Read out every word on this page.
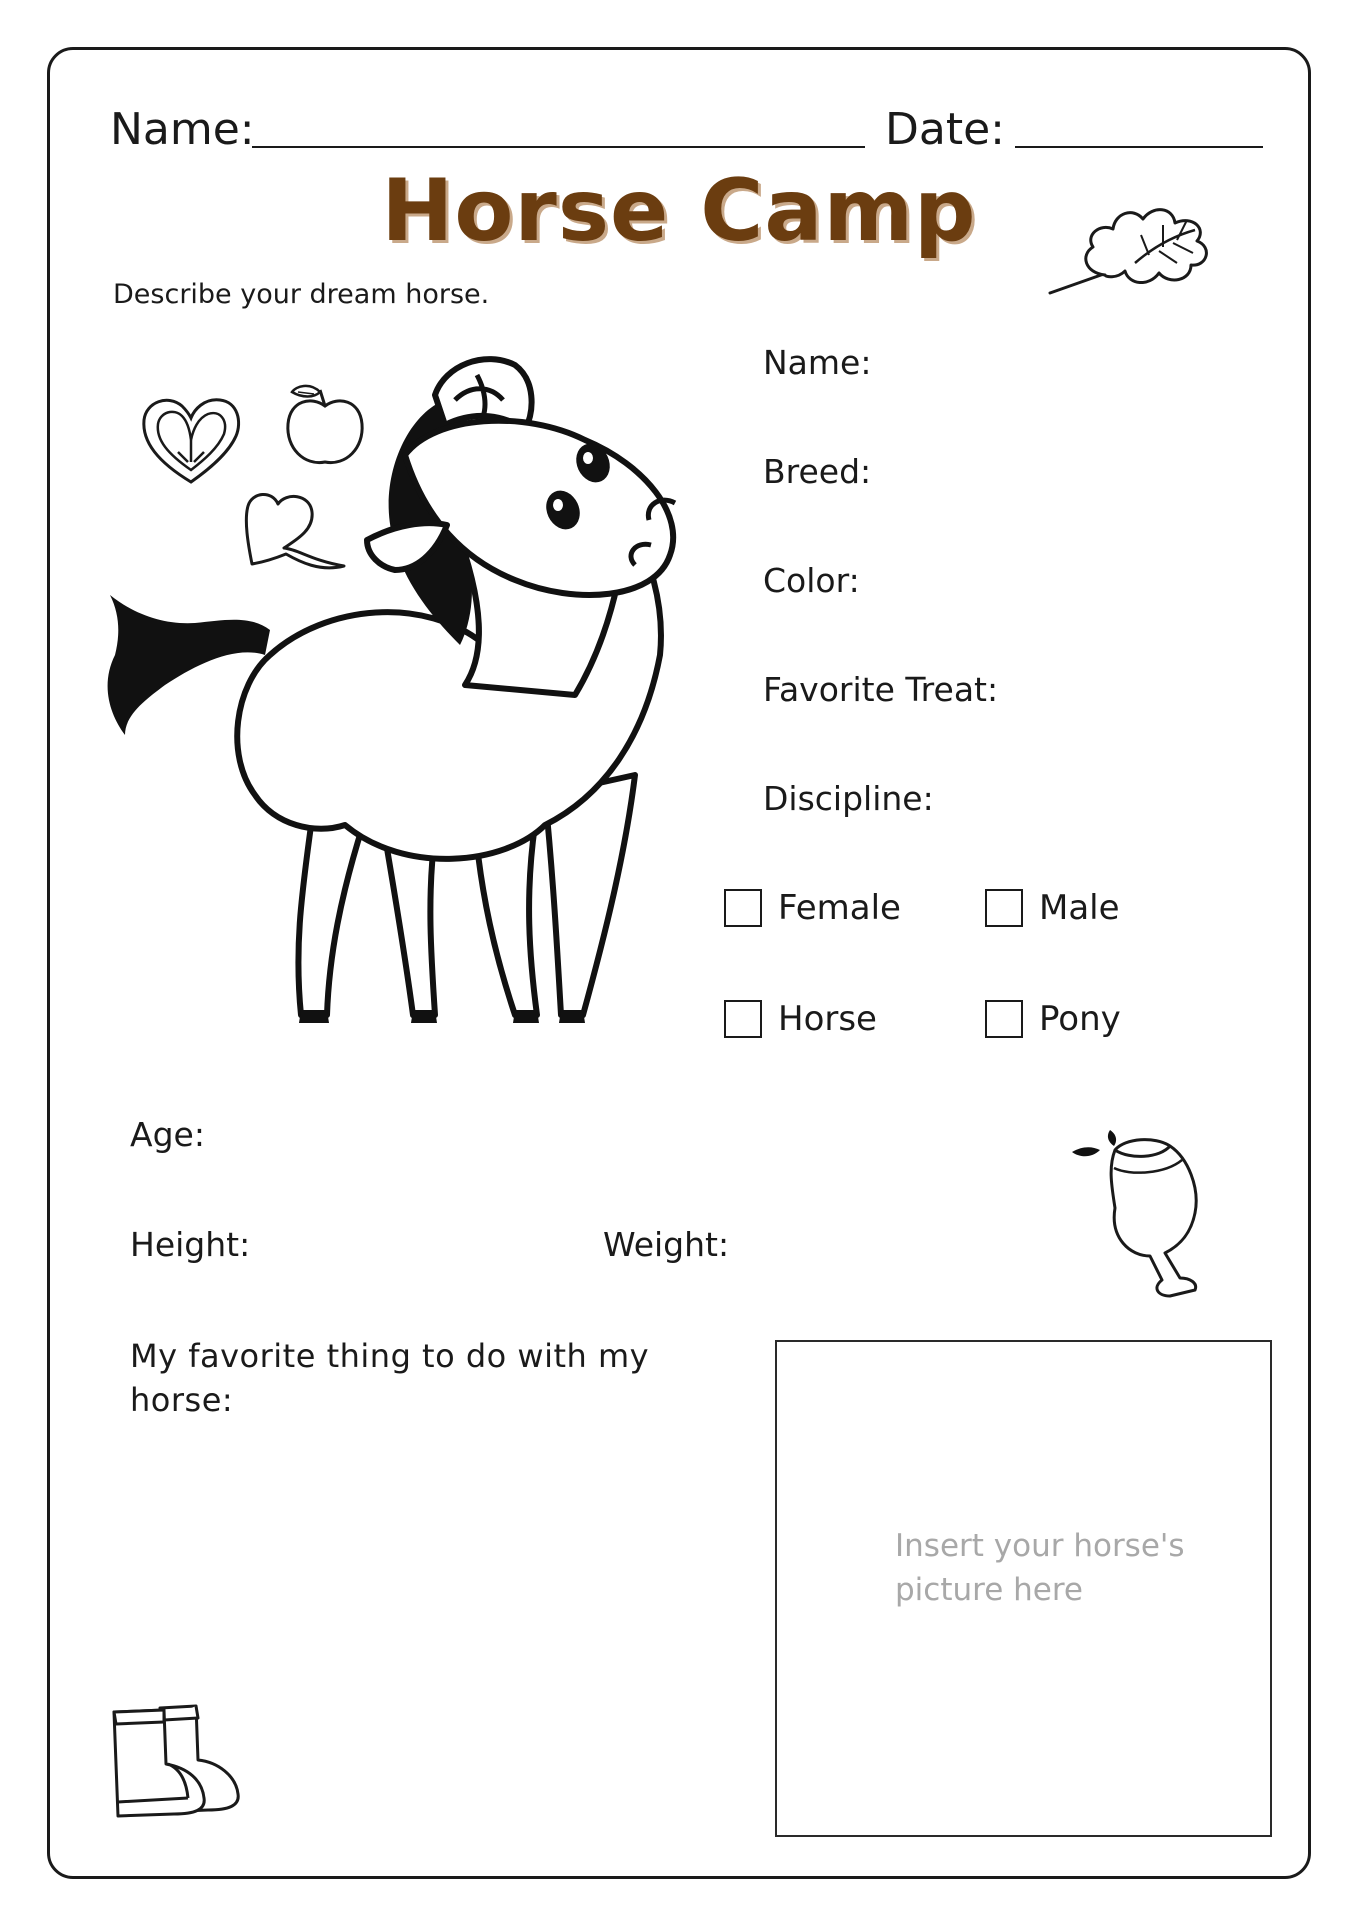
Name:	Date:
Horse Camp
Describe your dream horse.
Name:
Breed:
Color:
Favorite Treat:
Discipline:
Female	Male
Horse	Pony
Age:
Height:	Weight:
My favorite thing to do with my horse:
Insert your horse's picture here
